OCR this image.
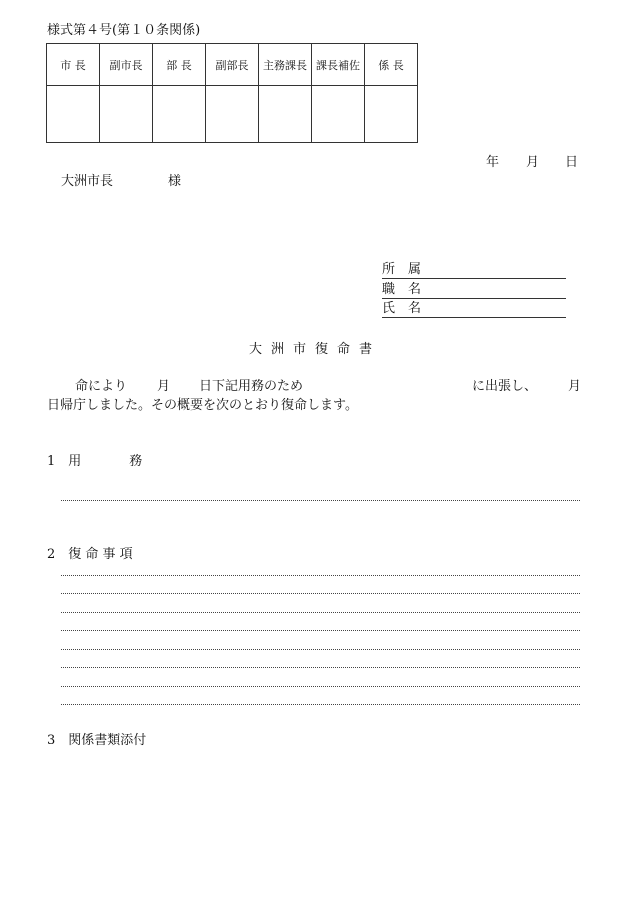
様式第４号(第１０条関係)
市 長	副市長	部 長	副部長	主務課長	課長補佐	係 長

年 月 日
大洲市長	様
所　属
職　名
氏　名
大洲市復命書
命により 月 日下記用務のため	に出張し、 月
日帰庁しました。その概要を次のとおり復命します。
1 用	務
2 復 命 事 項
3 関係書類添付
